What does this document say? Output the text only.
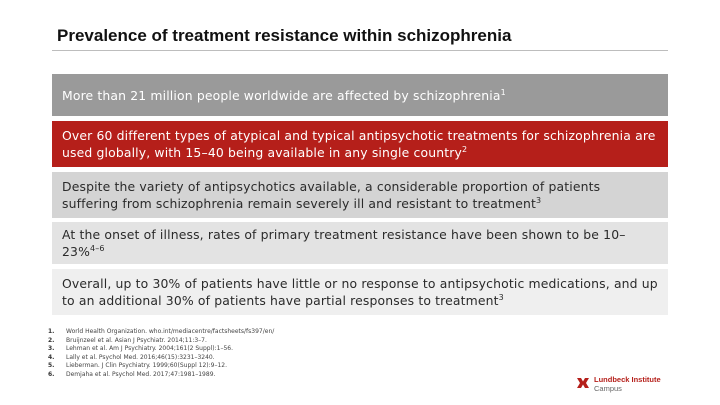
Prevalence of treatment resistance within schizophrenia
More than 21 million people worldwide are affected by schizophrenia$^1$
Over 60 different types of atypical and typical antipsychotic treatments for schizophrenia are used globally, with 15–40 being available in any single country$^2$
Despite the variety of antipsychotics available, a considerable proportion of patients suffering from schizophrenia remain severely ill and resistant to treatment$^3$
At the onset of illness, rates of primary treatment resistance have been shown to be 10–23%$^{4-6}$
Overall, up to 30% of patients have little or no response to antipsychotic medications, and up to an additional 30% of patients have partial responses to treatment$^3$
1.	World Health Organization. who.int/mediacentre/factsheets/fs397/en/
2.	Bruijnzeel et al. Asian J Psychiatr. 2014;11:3–7.
3.	Lehman et al. Am J Psychiatry. 2004;161(2 Suppl):1–56.
4.	Lally et al. Psychol Med. 2016;46(15):3231–3240.
5.	Lieberman. J Clin Psychiatry. 1999;60(Suppl 12):9–12.
6.	Demjaha et al. Psychol Med. 2017;47:1981–1989.
Lundbeck Institute
Campus
